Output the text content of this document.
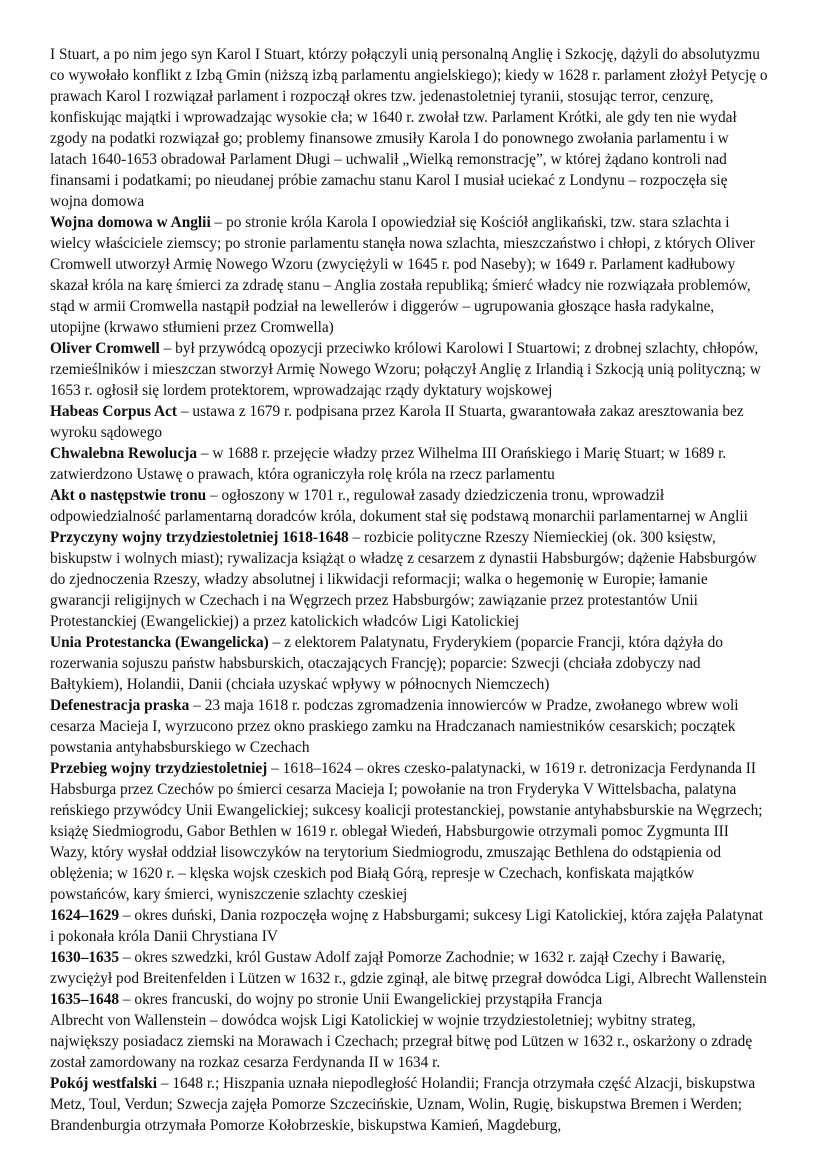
I Stuart, a po nim jego syn Karol I Stuart, którzy połączyli unią personalną Anglię i Szkocję, dążyli do absolutyzmu co wywołało konflikt z Izbą Gmin (niższą izbą parlamentu angielskiego); kiedy w 1628 r. parlament złożył Petycję o prawach Karol I rozwiązał parlament i rozpoczął okres tzw. jedenastoletniej tyranii, stosując terror, cenzurę, konfiskując majątki i wprowadzając wysokie cła; w 1640 r. zwołał tzw. Parlament Krótki, ale gdy ten nie wydał zgody na podatki rozwiązał go; problemy finansowe zmusiły Karola I do ponownego zwołania parlamentu i w latach 1640-1653 obradował Parlament Długi – uchwalił „Wielką remonstrację”, w której żądano kontroli nad finansami i podatkami; po nieudanej próbie zamachu stanu Karol I musiał uciekać z Londynu – rozpoczęła się wojna domowa

Wojna domowa w Anglii – po stronie króla Karola I opowiedział się Kościół anglikański, tzw. stara szlachta i wielcy właściciele ziemscy; po stronie parlamentu stanęła nowa szlachta, mieszczaństwo i chłopi, z których Oliver Cromwell utworzył Armię Nowego Wzoru (zwyciężyli w 1645 r. pod Naseby); w 1649 r. Parlament kadłubowy skazał króla na karę śmierci za zdradę stanu – Anglia została republiką; śmierć władcy nie rozwiązała problemów, stąd w armii Cromwella nastąpił podział na lewellerów i diggerów – ugrupowania głoszące hasła radykalne, utopijne (krwawo stłumieni przez Cromwella)

Oliver Cromwell – był przywódcą opozycji przeciwko królowi Karolowi I Stuartowi; z drobnej szlachty, chłopów, rzemieślników i mieszczan stworzył Armię Nowego Wzoru; połączył Anglię z Irlandią i Szkocją unią polityczną; w 1653 r. ogłosił się lordem protektorem, wprowadzając rządy dyktatury wojskowej

Habeas Corpus Act – ustawa z 1679 r. podpisana przez Karola II Stuarta, gwarantowała zakaz aresztowania bez wyroku sądowego

Chwalebna Rewolucja – w 1688 r. przejęcie władzy przez Wilhelma III Orańskiego i Marię Stuart; w 1689 r. zatwierdzono Ustawę o prawach, która ograniczyła rolę króla na rzecz parlamentu

Akt o następstwie tronu – ogłoszony w 1701 r., regulował zasady dziedziczenia tronu, wprowadził odpowiedzialność parlamentarną doradców króla, dokument stał się podstawą monarchii parlamentarnej w Anglii

Przyczyny wojny trzydziestoletniej 1618-1648 – rozbicie polityczne Rzeszy Niemieckiej (ok. 300 księstw, biskupstw i wolnych miast); rywalizacja książąt o władzę z cesarzem z dynastii Habsburgów; dążenie Habsburgów do zjednoczenia Rzeszy, władzy absolutnej i likwidacji reformacji; walka o hegemonię w Europie; łamanie gwarancji religijnych w Czechach i na Węgrzech przez Habsburgów; zawiązanie przez protestantów Unii Protestanckiej (Ewangelickiej) a przez katolickich władców Ligi Katolickiej

Unia Protestancka (Ewangelicka) – z elektorem Palatynatu, Fryderykiem (poparcie Francji, która dążyła do rozerwania sojuszu państw habsburskich, otaczających Francję); poparcie: Szwecji (chciała zdobyczy nad Bałtykiem), Holandii, Danii (chciała uzyskać wpływy w północnych Niemczech)

Defenestracja praska – 23 maja 1618 r. podczas zgromadzenia innowierców w Pradze, zwołanego wbrew woli cesarza Macieja I, wyrzucono przez okno praskiego zamku na Hradczanach namiestników cesarskich; początek powstania antyhabsburskiego w Czechach

Przebieg wojny trzydziestoletniej – 1618–1624 – okres czesko-palatynacki, w 1619 r. detronizacja Ferdynanda II Habsburga przez Czechów po śmierci cesarza Macieja I; powołanie na tron Fryderyka V Wittelsbacha, palatyna reńskiego przywódcy Unii Ewangelickiej; sukcesy koalicji protestanckiej, powstanie antyhabsburskie na Węgrzech; książę Siedmiogrodu, Gabor Bethlen w 1619 r. oblegał Wiedeń, Habsburgowie otrzymali pomoc Zygmunta III Wazy, który wysłał oddział lisowczyków na terytorium Siedmiogrodu, zmuszając Bethlena do odstąpienia od oblężenia; w 1620 r. – klęska wojsk czeskich pod Białą Górą, represje w Czechach, konfiskata majątków powstańców, kary śmierci, wyniszczenie szlachty czeskiej

1624–1629 – okres duński, Dania rozpoczęła wojnę z Habsburgami; sukcesy Ligi Katolickiej, która zajęła Palatynat i pokonała króla Danii Chrystiana IV

1630–1635 – okres szwedzki, król Gustaw Adolf zajął Pomorze Zachodnie; w 1632 r. zajął Czechy i Bawarię, zwyciężył pod Breitenfelden i Lützen w 1632 r., gdzie zginął, ale bitwę przegrał dowódca Ligi, Albrecht Wallenstein

1635–1648 – okres francuski, do wojny po stronie Unii Ewangelickiej przystąpiła Francja

Albrecht von Wallenstein – dowódca wojsk Ligi Katolickiej w wojnie trzydziestoletniej; wybitny strateg, największy posiadacz ziemski na Morawach i Czechach; przegrał bitwę pod Lützen w 1632 r., oskarżony o zdradę został zamordowany na rozkaz cesarza Ferdynanda II w 1634 r.

Pokój westfalski – 1648 r.; Hiszpania uznała niepodległość Holandii; Francja otrzymała część Alzacji, biskupstwa Metz, Toul, Verdun; Szwecja zajęła Pomorze Szczecińskie, Uznam, Wolin, Rugię, biskupstwa Bremen i Werden; Brandenburgia otrzymała Pomorze Kołobrzeskie, biskupstwa Kamień, Magdeburg,
